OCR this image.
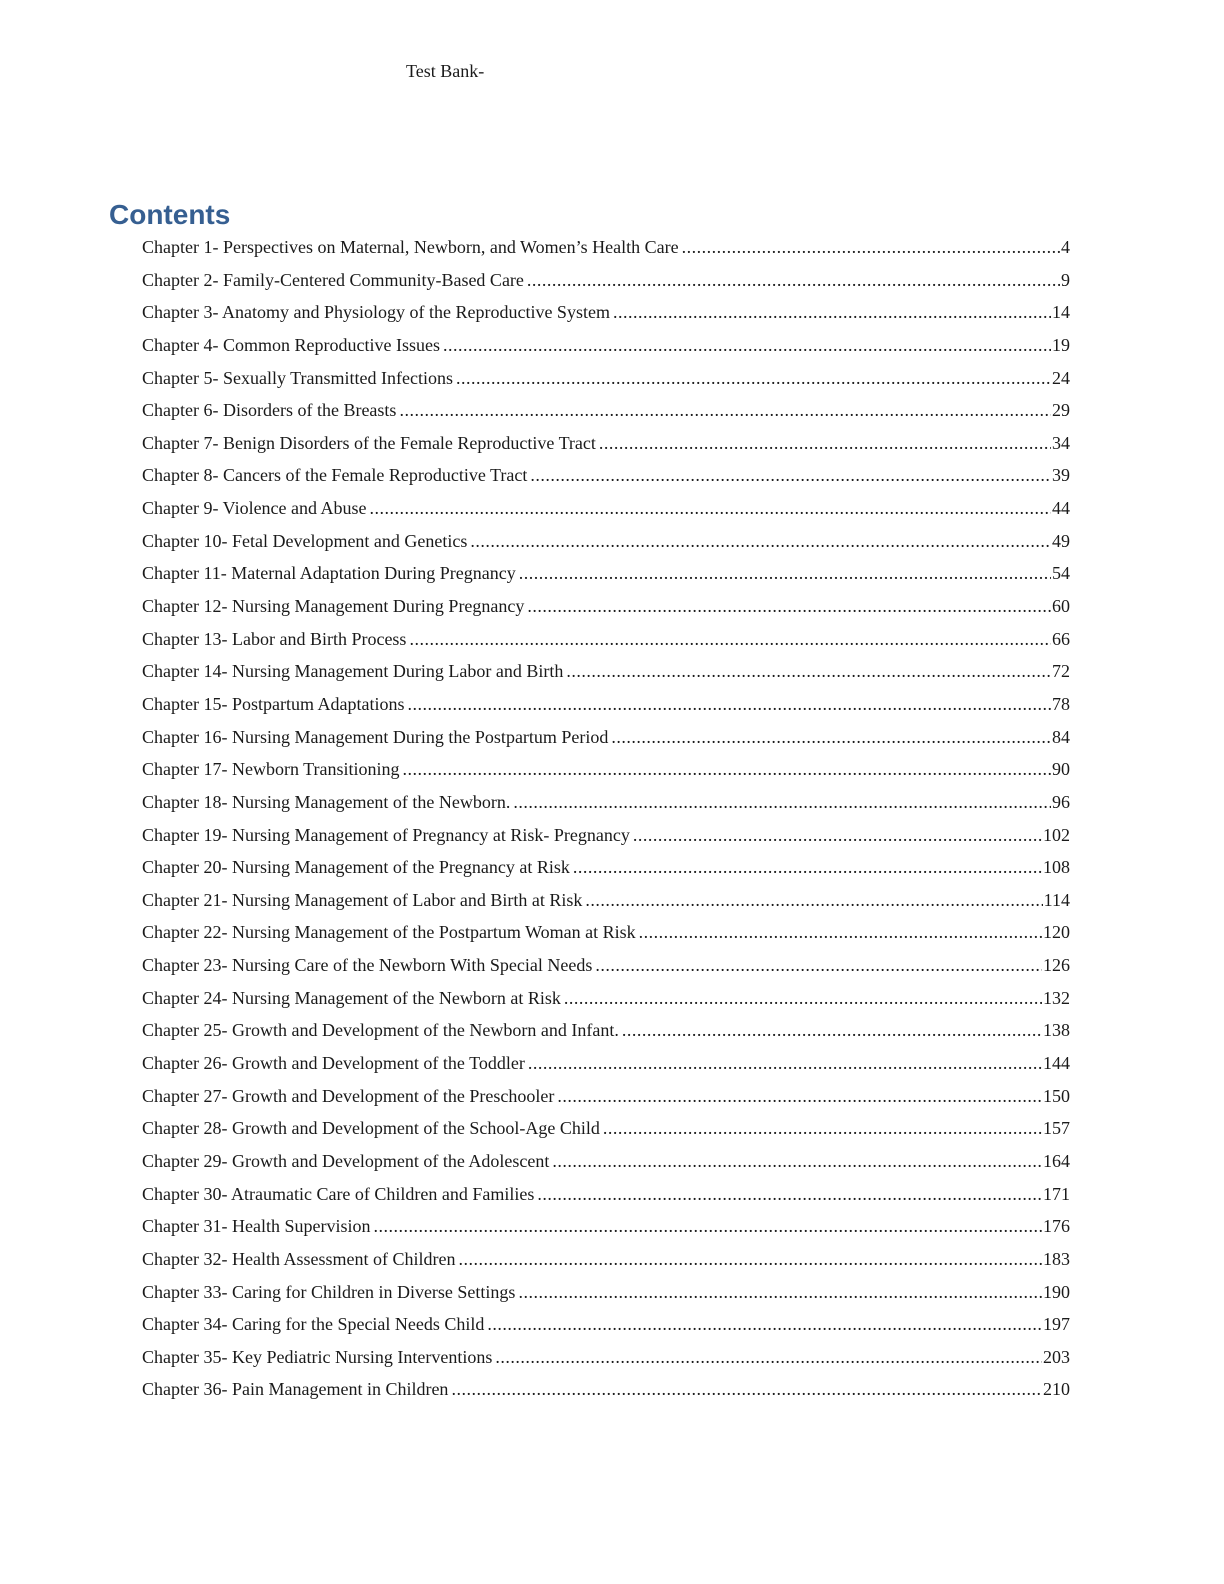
Test Bank-
Contents
Chapter 1- Perspectives on Maternal, Newborn, and Women’s Health Care .....	4
Chapter 2- Family-Centered Community-Based Care .....	9
Chapter 3- Anatomy and Physiology of the Reproductive System .....	14
Chapter 4- Common Reproductive Issues .....	19
Chapter 5- Sexually Transmitted Infections .....	24
Chapter 6- Disorders of the Breasts .....	29
Chapter 7- Benign Disorders of the Female Reproductive Tract .....	34
Chapter 8- Cancers of the Female Reproductive Tract .....	39
Chapter 9- Violence and Abuse .....	44
Chapter 10- Fetal Development and Genetics .....	49
Chapter 11- Maternal Adaptation During Pregnancy .....	54
Chapter 12- Nursing Management During Pregnancy .....	60
Chapter 13- Labor and Birth Process .....	66
Chapter 14- Nursing Management During Labor and Birth .....	72
Chapter 15- Postpartum Adaptations .....	78
Chapter 16- Nursing Management During the Postpartum Period .....	84
Chapter 17- Newborn Transitioning .....	90
Chapter 18- Nursing Management of the Newborn. .....	96
Chapter 19- Nursing Management of Pregnancy at Risk- Pregnancy .....	102
Chapter 20- Nursing Management of the Pregnancy at Risk .....	108
Chapter 21- Nursing Management of Labor and Birth at Risk .....	114
Chapter 22- Nursing Management of the Postpartum Woman at Risk .....	120
Chapter 23- Nursing Care of the Newborn With Special Needs .....	126
Chapter 24- Nursing Management of the Newborn at Risk .....	132
Chapter 25- Growth and Development of the Newborn and Infant. .....	138
Chapter 26- Growth and Development of the Toddler .....	144
Chapter 27- Growth and Development of the Preschooler .....	150
Chapter 28- Growth and Development of the School-Age Child .....	157
Chapter 29- Growth and Development of the Adolescent .....	164
Chapter 30- Atraumatic Care of Children and Families .....	171
Chapter 31- Health Supervision .....	176
Chapter 32- Health Assessment of Children .....	183
Chapter 33- Caring for Children in Diverse Settings .....	190
Chapter 34- Caring for the Special Needs Child .....	197
Chapter 35- Key Pediatric Nursing Interventions .....	203
Chapter 36- Pain Management in Children .....	210
